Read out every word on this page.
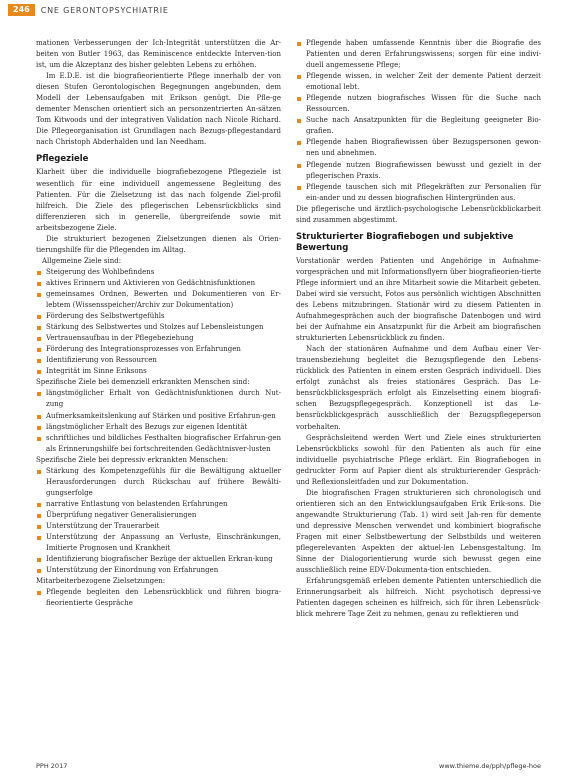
246	CNE GERONTOPSYCHIATRIE

mationen Verbesserungen der Ich-Integrität unterstützen die Ar-beiten von Butler 1963, das Reminiscence entdeckte Interven-tion ist, um die Akzeptanz des bisher gelebten Lebens zu erhöhen.

Im E.D.E. ist die biografieorientierte Pflege innerhalb der von diesen Stufen Gerontologischen Begegnungen angebunden, dem Modell der Lebensaufgaben mit Erikson genügt. Die Pfle-ge dementer Menschen orientiert sich an personzentrierten An-sätzen Tom Kitwoods und der integrativen Validation nach Nicole Richard. Die Pflegeorganisation ist Grundlagen nach Bezugs-pflegestandard nach Christoph Abderhalden und Ian Needham.

Pflegeziele

Klarheit über die individuelle biografiebezogene Pflegeziele ist wesentlich für eine individuell angemessene Begleitung des Patienten. Für die Zielsetzung ist das nach folgende Ziel-profil hilfreich. Die Ziele des pflegerischen Lebensrückblicks sind differenzieren sich in generelle, übergreifende sowie mit arbeitsbezogene Ziele.

Die strukturiert bezogenen Zielsetzungen dienen als Orien-tierungshilfe für die Pflegenden im Alltag.

Allgemeine Ziele sind:

Steigerung des Wohlbefindens
aktives Erinnern und Aktivieren von Gedächtnisfunktionen
gemeinsames Ordnen, Bewerten und Dokumentieren von Er-lebtem (Wissensspeicher/Archiv zur Dokumentation)
Förderung des Selbstwertgefühls
Stärkung des Selbstwertes und Stolzes auf Lebensleistungen
Vertrauensaufbau in der Pflegebeziehung
Förderung des Integrationsprozesses von Erfahrungen
Identifizierung von Ressourcen
Integrität im Sinne Eriksons

Spezifische Ziele bei demenziell erkrankten Menschen sind:

längstmöglicher Erhalt von Gedächtnisfunktionen durch Nut-zung
Aufmerksamkeitslenkung auf Stärken und positive Erfahrun-gen
längstmöglicher Erhalt des Bezugs zur eigenen Identität
schriftliches und bildliches Festhalten biografischer Erfahrun-gen als Erinnerungshilfe bei fortschreitenden Gedächtnisver-lusten

Spezifische Ziele bei depressiv erkrankten Menschen:

Stärkung des Kompetenzgefühls für die Bewältigung aktueller Herausforderungen durch Rückschau auf frühere Bewälti-gungserfolge
narrative Entlastung von belastenden Erfahrungen
Überprüfung negativer Generalisierungen
Unterstützung der Trauerarbeit
Unterstützung der Anpassung an Verluste, Einschränkungen, Imitierte Prognosen und Krankheit
Identifizierung biografischer Bezüge der aktuellen Erkran-kung
Unterstützung der Einordnung von Erfahrungen

Mitarbeiterbezogene Zielsetzungen:

Pflegende begleiten den Lebensrückblick und führen biogra-fieorientierte Gespräche
Pflegende haben umfassende Kenntnis über die Biografie des Patienten und deren Erfahrungswissens; sorgen für eine indivi-duell angemessene Pflege;
Pflegende wissen, in welcher Zeit der demente Patient derzeit emotional lebt.
Pflegende nutzen biografisches Wissen für die Suche nach Ressourcen.
Suche nach Ansatzpunkten für die Begleitung geeigneter Bio-grafien.
Pflegende haben Biografiewissen über Bezugspersonen gewon-nen und abnehmen.
Pflegende nutzen Biografiewissen bewusst und gezielt in der pflegerischen Praxis.
Pflegende tauschen sich mit Pflegekräften zur Personalien für ein-ander und zu dessen biografischen Hintergründen aus.

Die pflegerische und ärztlich-psychologische Lebensrückblickarbeit sind zusammen abgestimmt.

Strukturierter Biografiebogen und subjektive Bewertung

Vorstationär werden Patienten und Angehörige in Aufnahme-vorgesprächen und mit Informationsflyern über biografieorien-tierte Pflege informiert und an ihre Mitarbeit sowie die Mitarbeit gebeten. Dabei wird sie versucht, Fotos aus persönlich wichtigen Abschnitten des Lebens mitzubringen. Stationär wird zu diesem Patienten in Aufnahmegesprächen auch der biografische Datenbogen und wird bei der Aufnahme ein Ansatzpunkt für die Arbeit am biografischen strukturierten Lebensrückblick zu finden.

Nach der stationären Aufnahme und dem Aufbau einer Ver-trauensbeziehung begleitet die Bezugspflegende den Lebens-rückblick des Patienten in einem ersten Gespräch individuell. Dies erfolgt zunächst als freies stationäres Gespräch. Das Le-bensrückblicksgespräch erfolgt als Einzelsetting einem biografi-schen Bezugspflegegespräch. Konzeptionell ist das Le-bensrückblickgespräch ausschließlich der Bezugspflegeperson vorbehalten.

Gesprächsleitend werden Wert und Ziele eines strukturierten Lebensrückblicks sowohl für den Patienten als auch für eine individuelle psychiatrische Pflege erklärt. Ein Biografiebogen in gedruckter Form auf Papier dient als strukturierender Gespräch-und Reflexionsleitfaden und zur Dokumentation.

Die biografischen Fragen strukturieren sich chronologisch und orientieren sich an den Entwicklungsaufgaben Erik Erik-sons. Die angewandte Strukturierung (Tab. 1) wird seit Jah-ren für demente und depressive Menschen verwendet und kombiniert biografische Fragen mit einer Selbstbewertung der Selbstbilds und weiteren pflegerelevanten Aspekten der aktuel-len Lebensgestaltung. Im Sinne der Dialogorientierung wurde sich bewusst gegen eine ausschließlich reine EDV-Dokumenta-tion entschieden.

Erfahrungsgemäß erleben demente Patienten unterschiedlich die Erinnerungsarbeit als hilfreich. Nicht psychotisch depressi-ve Patienten dagegen scheinen es hilfreich, sich für ihren Lebensrück-blick mehrere Tage Zeit zu nehmen, genau zu reflektieren und

PPH 2017	www.thieme.de/pph/pflege-hoe
